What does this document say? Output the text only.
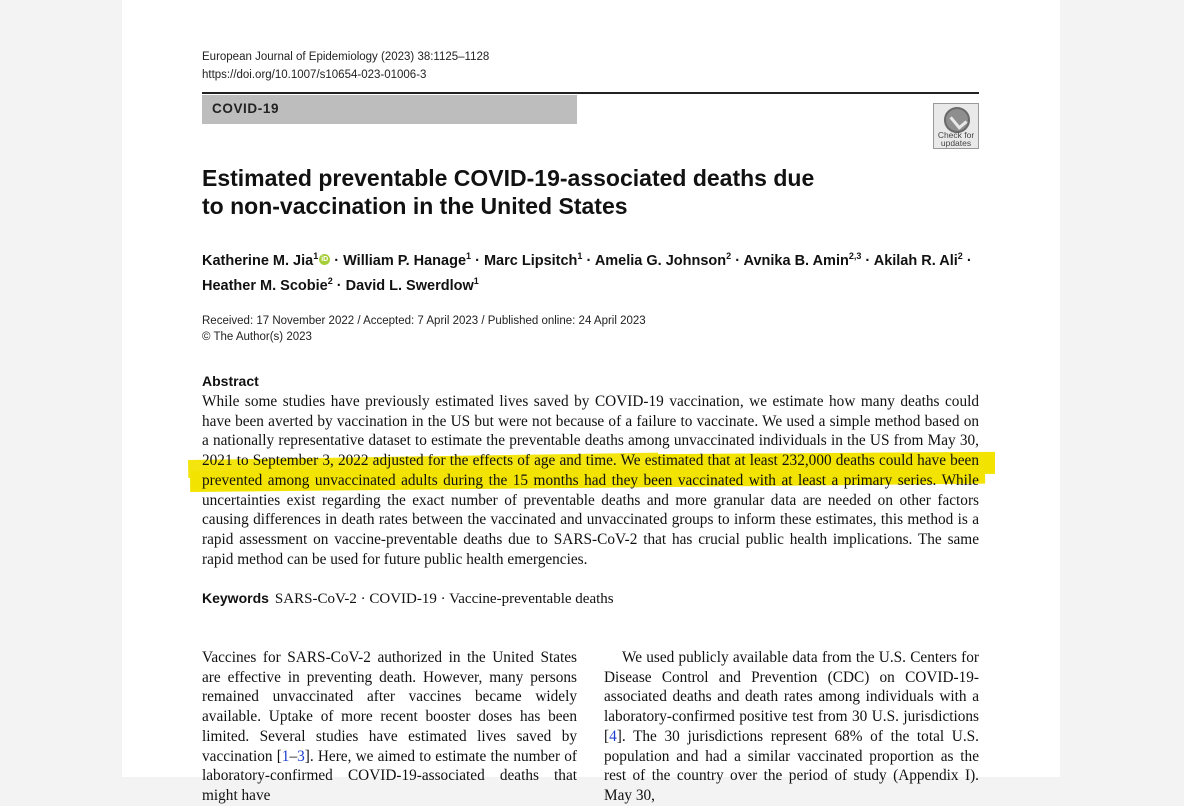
European Journal of Epidemiology (2023) 38:1125–1128
https://doi.org/10.1007/s10654-023-01006-3
COVID-19
Check for
updates
Estimated preventable COVID-19-associated deaths due
to non-vaccination in the United States
Katherine M. Jia$^1$ iD · William P. Hanage$^1$ · Marc Lipsitch$^1$ · Amelia G. Johnson$^2$ · Avnika B. Amin$^{2,3}$ · Akilah R. Ali$^2$ ·
Heather M. Scobie$^2$ · David L. Swerdlow$^1$
Received: 17 November 2022 / Accepted: 7 April 2023 / Published online: 24 April 2023
© The Author(s) 2023
Abstract
While some studies have previously estimated lives saved by COVID-19 vaccination, we estimate how many deaths could have been averted by vaccination in the US but were not because of a failure to vaccinate. We used a simple method based on a nationally representative dataset to estimate the preventable deaths among unvaccinated individuals in the US from May 30, 2021 to September 3, 2022 adjusted for the effects of age and time. We estimated that at least 232,000 deaths could have been prevented among unvaccinated adults during the 15 months had they been vaccinated with at least a primary series. While uncertainties exist regarding the exact number of preventable deaths and more granular data are needed on other factors causing differences in death rates between the vaccinated and unvaccinated groups to inform these estimates, this method is a rapid assessment on vaccine-preventable deaths due to SARS-CoV-2 that has crucial public health implications. The same rapid method can be used for future public health emergencies.
Keywords SARS-CoV-2 · COVID-19 · Vaccine-preventable deaths
Vaccines for SARS-CoV-2 authorized in the United States are effective in preventing death. However, many persons remained unvaccinated after vaccines became widely available. Uptake of more recent booster doses has been limited. Several studies have estimated lives saved by vaccination [1–3]. Here, we aimed to estimate the number of laboratory-confirmed COVID-19-associated deaths that might have
We used publicly available data from the U.S. Centers for Disease Control and Prevention (CDC) on COVID-19-associated deaths and death rates among individuals with a laboratory-confirmed positive test from 30 U.S. jurisdictions [4]. The 30 jurisdictions represent 68% of the total U.S. population and had a similar vaccinated proportion as the rest of the country over the period of study (Appendix I). May 30,
